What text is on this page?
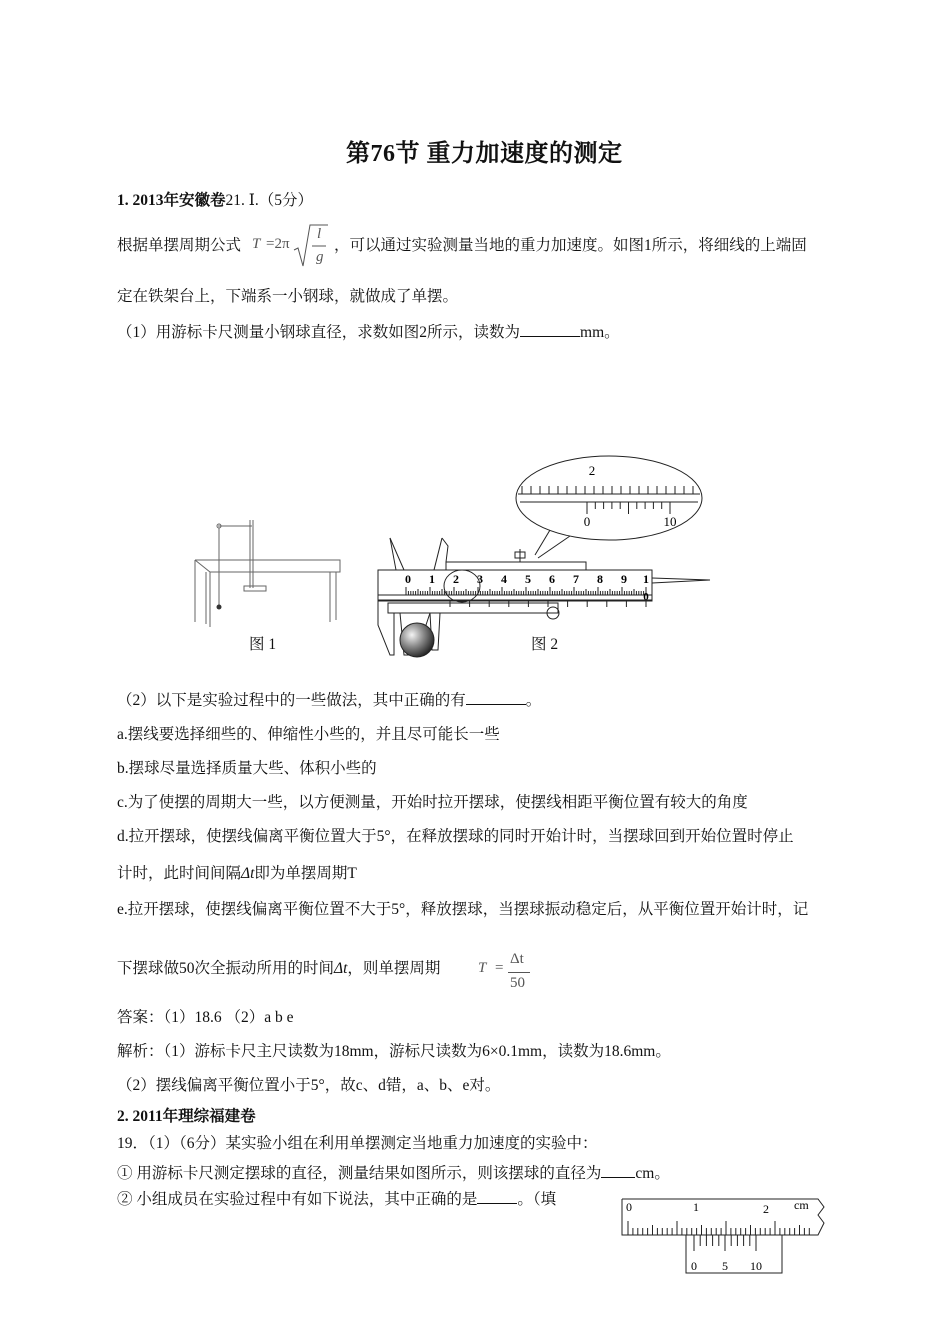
第76节 重力加速度的测定
1. 2013年安徽卷21. Ⅰ.（5分）
根据单摆周期公式 T =2π
l
g
，可以通过实验测量当地的重力加速度。如图1所示，将细线的上端固
定在铁架台上，下端系一小钢球，就做成了单摆。
（1）用游标卡尺测量小钢球直径，求数如图2所示，读数为	mm。
图 1
2
0	10
0 1 2 3 4 5 6 7 8 9 1
0
图 2
（2）以下是实验过程中的一些做法，其中正确的有	。
a.摆线要选择细些的、伸缩性小些的，并且尽可能长一些
b.摆球尽量选择质量大些、体积小些的
c.为了使摆的周期大一些，以方便测量，开始时拉开摆球，使摆线相距平衡位置有较大的角度
d.拉开摆球，使摆线偏离平衡位置大于5°，在释放摆球的同时开始计时，当摆球回到开始位置时停止
计时，此时间间隔Δt即为单摆周期T
e.拉开摆球，使摆线偏离平衡位置不大于5°，释放摆球，当摆球振动稳定后，从平衡位置开始计时，记
下摆球做50次全振动所用的时间Δt，则单摆周期	T =
Δt
50
答案：（1）18.6 （2）a b e
解析：（1）游标卡尺主尺读数为18mm，游标尺读数为6×0.1mm，读数为18.6mm。
（2）摆线偏离平衡位置小于5°，故c、d错，a、b、e对。
2. 2011年理综福建卷
19．（1）（6分）某实验小组在利用单摆测定当地重力加速度的实验中：
① 用游标卡尺测定摆球的直径，测量结果如图所示，则该摆球的直径为 cm。
② 小组成员在实验过程中有如下说法，其中正确的是	。（填	0	1	2 cm
0 5 10
